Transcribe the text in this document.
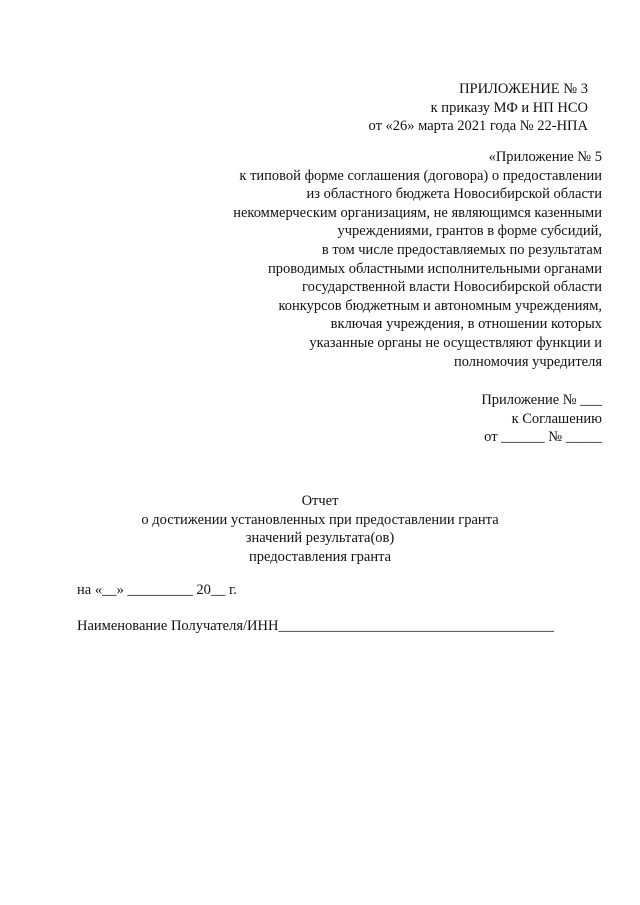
ПРИЛОЖЕНИЕ № 3
к приказу МФ и НП НСО
от «26» марта 2021 года № 22-НПА
«Приложение № 5
к типовой форме соглашения (договора) о предоставлении
из областного бюджета Новосибирской области
некоммерческим организациям, не являющимся казенными
учреждениями, грантов в форме субсидий,
в том числе предоставляемых по результатам
проводимых областными исполнительными органами
государственной власти Новосибирской области
конкурсов бюджетным и автономным учреждениям,
включая учреждения, в отношении которых
указанные органы не осуществляют функции и
полномочия учредителя
Приложение № ___
к Соглашению
от ______ № _____
Отчет
о достижении установленных при предоставлении гранта
значений результата(ов)
предоставления гранта
на «__» _________ 20__ г.
Наименование Получателя/ИНН______________________________________
